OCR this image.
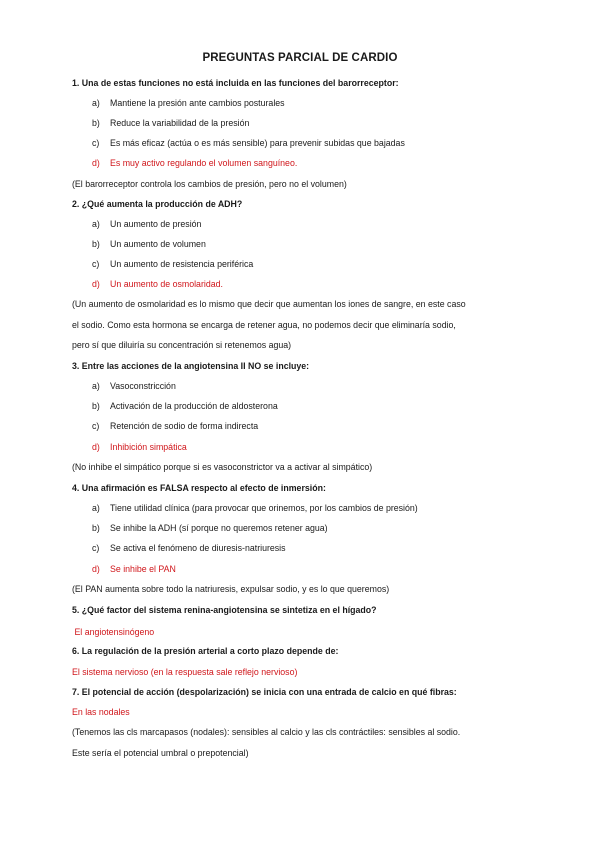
PREGUNTAS PARCIAL DE CARDIO
1. Una de estas funciones no está incluida en las funciones del barorreceptor:
a) Mantiene la presión ante cambios posturales
b) Reduce la variabilidad de la presión
c) Es más eficaz (actúa o es más sensible) para prevenir subidas que bajadas
d) Es muy activo regulando el volumen sanguíneo.
(El barorreceptor controla los cambios de presión, pero no el volumen)
2. ¿Qué aumenta la producción de ADH?
a) Un aumento de presión
b) Un aumento de volumen
c) Un aumento de resistencia periférica
d) Un aumento de osmolaridad.
(Un aumento de osmolaridad es lo mismo que decir que aumentan los iones de sangre, en este caso
el sodio. Como esta hormona se encarga de retener agua, no podemos decir que eliminaría sodio,
pero sí que diluiría su concentración si retenemos agua)
3. Entre las acciones de la angiotensina II NO se incluye:
a) Vasoconstricción
b) Activación de la producción de aldosterona
c) Retención de sodio de forma indirecta
d) Inhibición simpática
(No inhibe el simpático porque si es vasoconstrictor va a activar al simpático)
4. Una afirmación es FALSA respecto al efecto de inmersión:
a) Tiene utilidad clínica (para provocar que orinemos, por los cambios de presión)
b) Se inhibe la ADH (sí porque no queremos retener agua)
c) Se activa el fenómeno de diuresis-natriuresis
d) Se inhibe el PAN
(El PAN aumenta sobre todo la natriuresis, expulsar sodio, y es lo que queremos)
5. ¿Qué factor del sistema renina-angiotensina se sintetiza en el hígado?
El angiotensinógeno
6. La regulación de la presión arterial a corto plazo depende de:
El sistema nervioso (en la respuesta sale reflejo nervioso)
7. El potencial de acción (despolarización) se inicia con una entrada de calcio en qué fibras:
En las nodales
(Tenemos las cls marcapasos (nodales): sensibles al calcio y las cls contráctiles: sensibles al sodio.
Este sería el potencial umbral o prepotencial)
